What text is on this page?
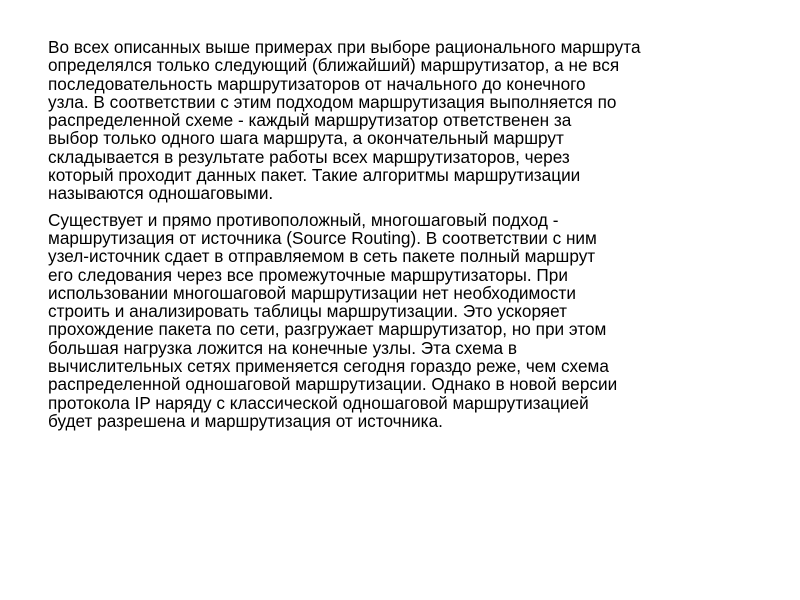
Во всех описанных выше примерах при выборе рационального маршрута
определялся только следующий (ближайший) маршрутизатор, а не вся
последовательность маршрутизаторов от начального до конечного
узла. В соответствии с этим подходом маршрутизация выполняется по
распределенной схеме - каждый маршрутизатор ответственен за
выбор только одного шага маршрута, а окончательный маршрут
складывается в результате работы всех маршрутизаторов, через
который проходит данных пакет. Такие алгоритмы маршрутизации
называются одношаговыми.

Существует и прямо противоположный, многошаговый подход -
маршрутизация от источника (Source Routing). В соответствии с ним
узел-источник сдает в отправляемом в сеть пакете полный маршрут
его следования через все промежуточные маршрутизаторы. При
использовании многошаговой маршрутизации нет необходимости
строить и анализировать таблицы маршрутизации. Это ускоряет
прохождение пакета по сети, разгружает маршрутизатор, но при этом
большая нагрузка ложится на конечные узлы. Эта схема в
вычислительных сетях применяется сегодня гораздо реже, чем схема
распределенной одношаговой маршрутизации. Однако в новой версии
протокола IP наряду с классической одношаговой маршрутизацией
будет разрешена и маршрутизация от источника.
